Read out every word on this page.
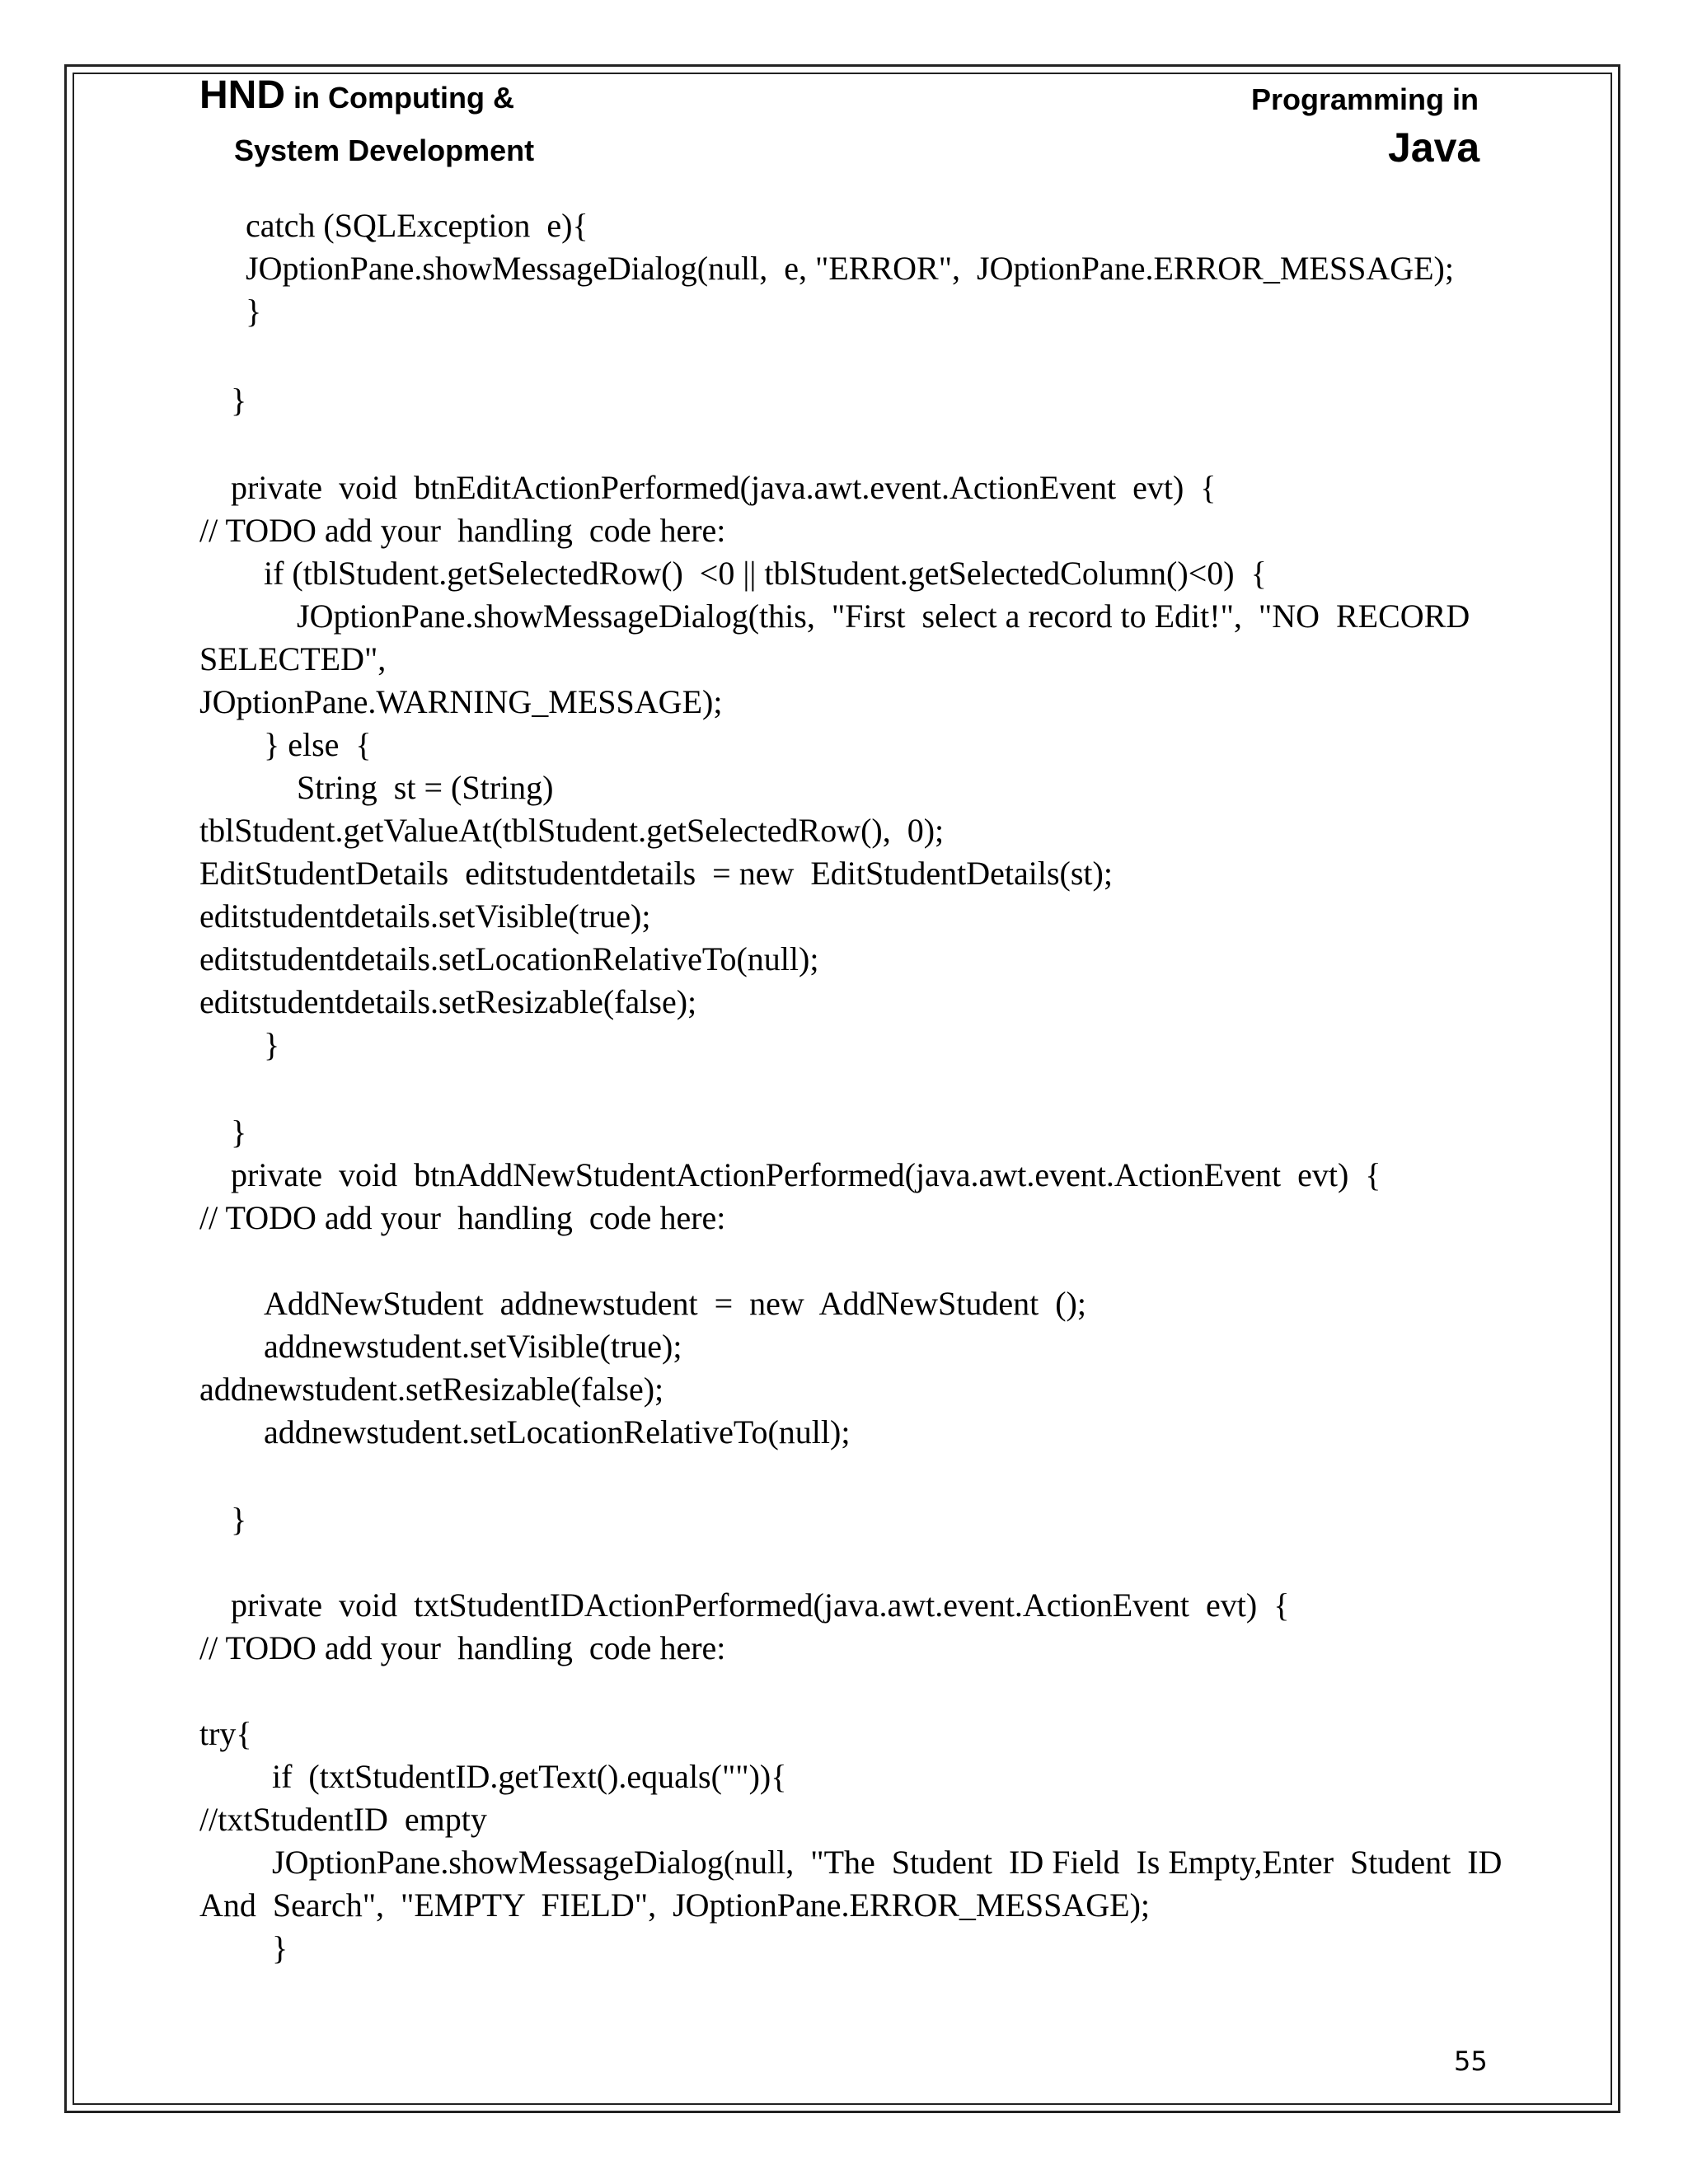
HND in Computing &
System Development
Programming in
Java
catch (SQLException  e){
JOptionPane.showMessageDialog(null,  e, "ERROR",  JOptionPane.ERROR_MESSAGE);
}
}
private  void  btnEditActionPerformed(java.awt.event.ActionEvent  evt)  {
// TODO add your  handling  code here:
if (tblStudent.getSelectedRow()  <0 || tblStudent.getSelectedColumn()<0)  {
JOptionPane.showMessageDialog(this,  "First  select a record to Edit!",  "NO  RECORD
SELECTED",
JOptionPane.WARNING_MESSAGE);
} else  {
String  st = (String)
tblStudent.getValueAt(tblStudent.getSelectedRow(),  0);
EditStudentDetails  editstudentdetails  = new  EditStudentDetails(st);
editstudentdetails.setVisible(true);
editstudentdetails.setLocationRelativeTo(null);
editstudentdetails.setResizable(false);
}
}
private  void  btnAddNewStudentActionPerformed(java.awt.event.ActionEvent  evt)  {
// TODO add your  handling  code here:
AddNewStudent  addnewstudent  =  new  AddNewStudent  ();
addnewstudent.setVisible(true);
addnewstudent.setResizable(false);
addnewstudent.setLocationRelativeTo(null);
}
private  void  txtStudentIDActionPerformed(java.awt.event.ActionEvent  evt)  {
// TODO add your  handling  code here:
try{
if  (txtStudentID.getText().equals("")){
//txtStudentID  empty
JOptionPane.showMessageDialog(null,  "The  Student  ID Field  Is Empty,Enter  Student  ID
And  Search",  "EMPTY  FIELD",  JOptionPane.ERROR_MESSAGE);
}
55
